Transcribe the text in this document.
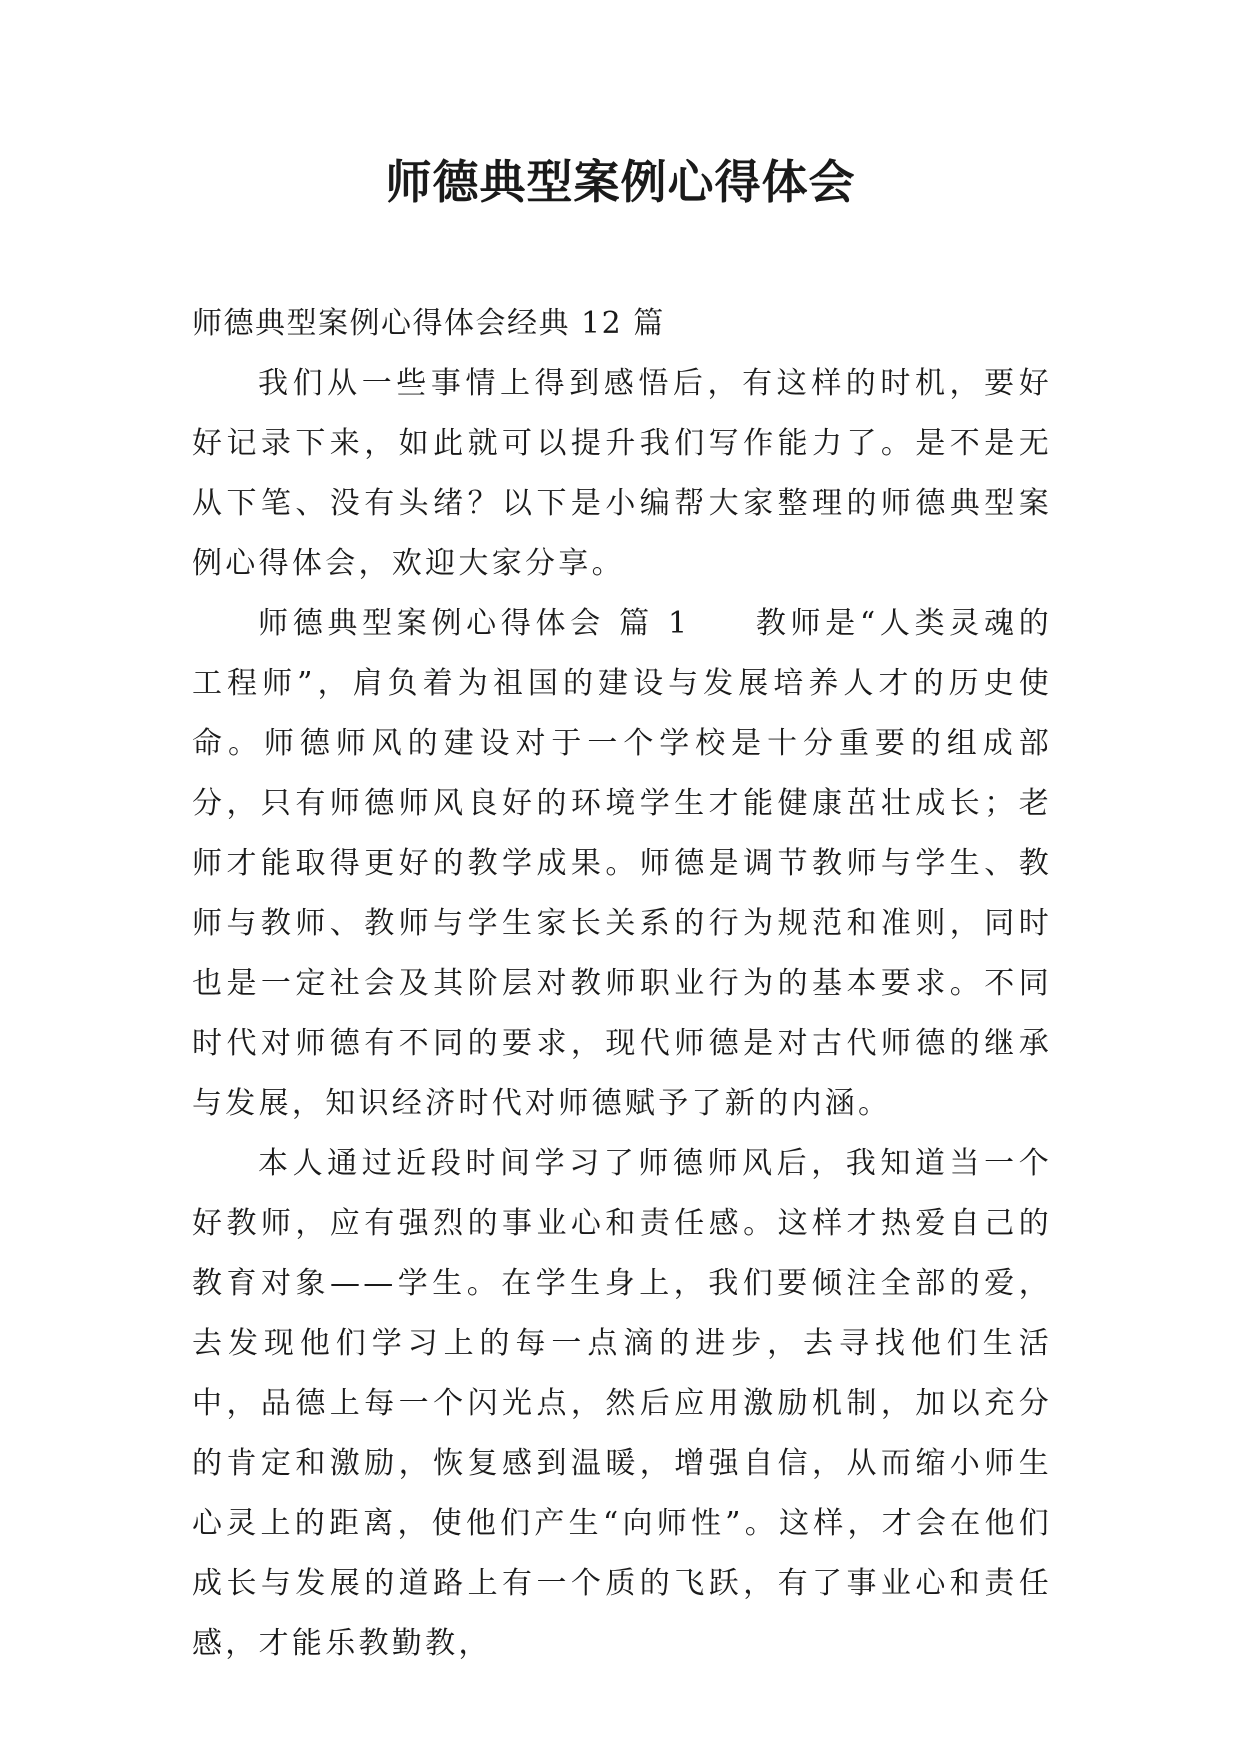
师德典型案例心得体会

师德典型案例心得体会经典 12 篇

我们从一些事情上得到感悟后，有这样的时机，要好好记录下来，如此就可以提升我们写作能力了。是不是无从下笔、没有头绪？以下是小编帮大家整理的师德典型案例心得体会，欢迎大家分享。

师德典型案例心得体会 篇 1 教师是“人类灵魂的工程师”，肩负着为祖国的建设与发展培养人才的历史使命。师德师风的建设对于一个学校是十分重要的组成部分，只有师德师风良好的环境学生才能健康茁壮成长；老师才能取得更好的教学成果。师德是调节教师与学生、教师与教师、教师与学生家长关系的行为规范和准则，同时也是一定社会及其阶层对教师职业行为的基本要求。不同时代对师德有不同的要求，现代师德是对古代师德的继承与发展，知识经济时代对师德赋予了新的内涵。

本人通过近段时间学习了师德师风后，我知道当一个好教师，应有强烈的事业心和责任感。这样才热爱自己的教育对象——学生。在学生身上，我们要倾注全部的爱，去发现他们学习上的每一点滴的进步，去寻找他们生活中，品德上每一个闪光点，然后应用激励机制，加以充分的肯定和激励，恢复感到温暖，增强自信，从而缩小师生心灵上的距离，使他们产生“向师性”。这样，才会在他们成长与发展的道路上有一个质的飞跃，有了事业心和责任感，才能乐教勤教，
